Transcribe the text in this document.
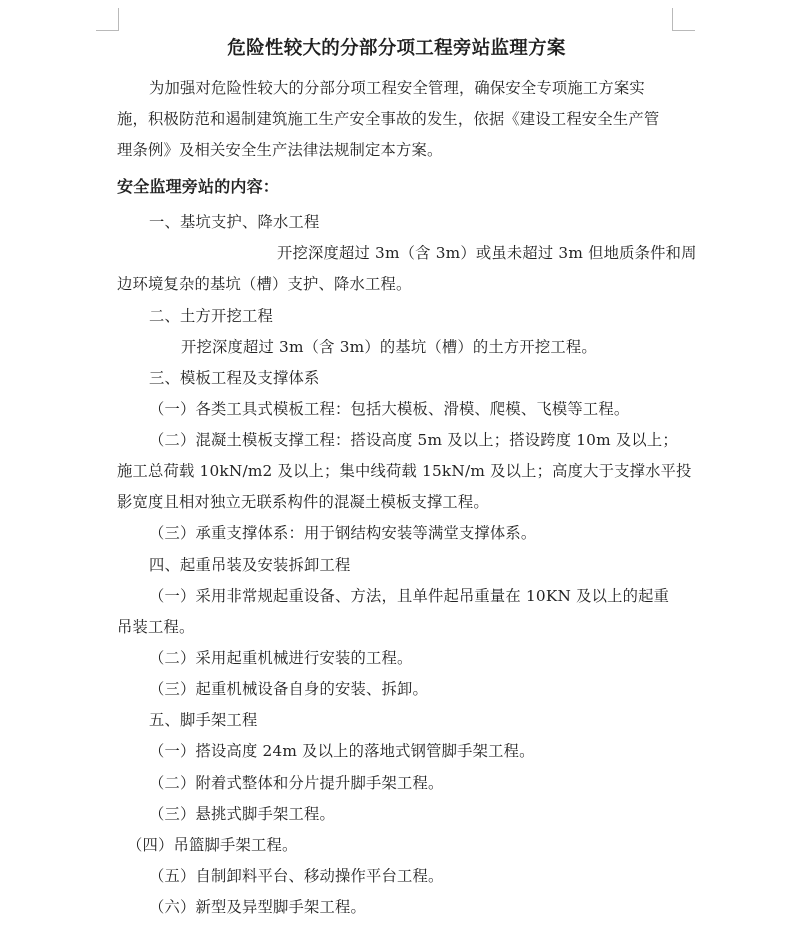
危险性较大的分部分项工程旁站监理方案
为加强对危险性较大的分部分项工程安全管理，确保安全专项施工方案实
施，积极防范和遏制建筑施工生产安全事故的发生，依据《建设工程安全生产管
理条例》及相关安全生产法律法规制定本方案。
安全监理旁站的内容：
一、基坑支护、降水工程
开挖深度超过 3m（含 3m）或虽未超过 3m 但地质条件和周
边环境复杂的基坑（槽）支护、降水工程。
二、土方开挖工程
开挖深度超过 3m（含 3m）的基坑（槽）的土方开挖工程。
三、模板工程及支撑体系
（一）各类工具式模板工程：包括大模板、滑模、爬模、飞模等工程。
（二）混凝土模板支撑工程：搭设高度 5m 及以上；搭设跨度 10m 及以上；
施工总荷载 10kN/m2 及以上；集中线荷载 15kN/m 及以上；高度大于支撑水平投
影宽度且相对独立无联系构件的混凝土模板支撑工程。
（三）承重支撑体系：用于钢结构安装等满堂支撑体系。
四、起重吊装及安装拆卸工程
（一）采用非常规起重设备、方法，且单件起吊重量在 10KN 及以上的起重
吊装工程。
（二）采用起重机械进行安装的工程。
（三）起重机械设备自身的安装、拆卸。
五、脚手架工程
（一）搭设高度 24m 及以上的落地式钢管脚手架工程。
（二）附着式整体和分片提升脚手架工程。
（三）悬挑式脚手架工程。
（四）吊篮脚手架工程。
（五）自制卸料平台、移动操作平台工程。
（六）新型及异型脚手架工程。
